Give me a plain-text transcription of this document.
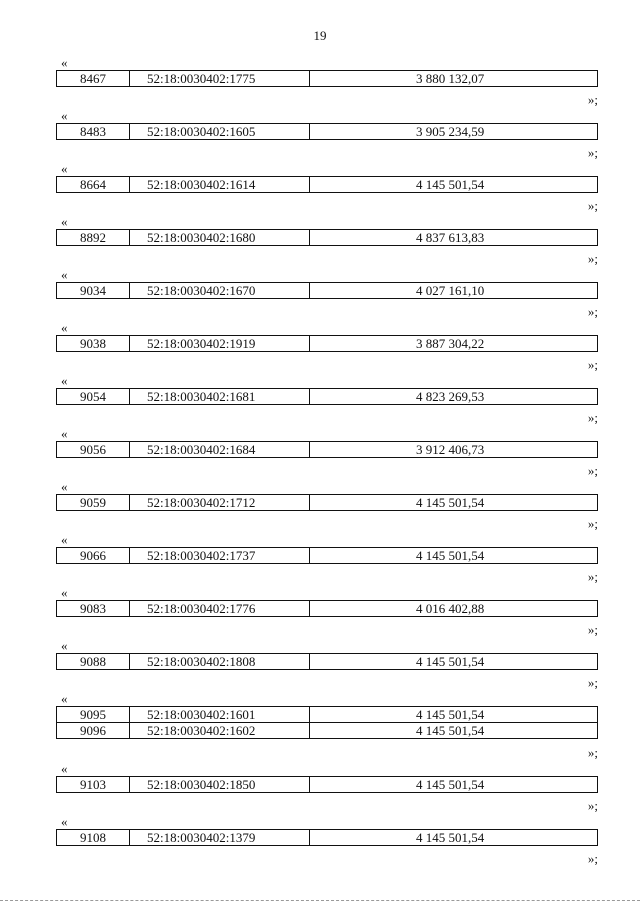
19
«
8467	52:18:0030402:1775	3 880 132,07
»;
«
8483	52:18:0030402:1605	3 905 234,59
»;
«
8664	52:18:0030402:1614	4 145 501,54
»;
«
8892	52:18:0030402:1680	4 837 613,83
»;
«
9034	52:18:0030402:1670	4 027 161,10
»;
«
9038	52:18:0030402:1919	3 887 304,22
»;
«
9054	52:18:0030402:1681	4 823 269,53
»;
«
9056	52:18:0030402:1684	3 912 406,73
»;
«
9059	52:18:0030402:1712	4 145 501,54
»;
«
9066	52:18:0030402:1737	4 145 501,54
»;
«
9083	52:18:0030402:1776	4 016 402,88
»;
«
9088	52:18:0030402:1808	4 145 501,54
»;
«
9095	52:18:0030402:1601	4 145 501,54
9096	52:18:0030402:1602	4 145 501,54
»;
«
9103	52:18:0030402:1850	4 145 501,54
»;
«
9108	52:18:0030402:1379	4 145 501,54
»;
